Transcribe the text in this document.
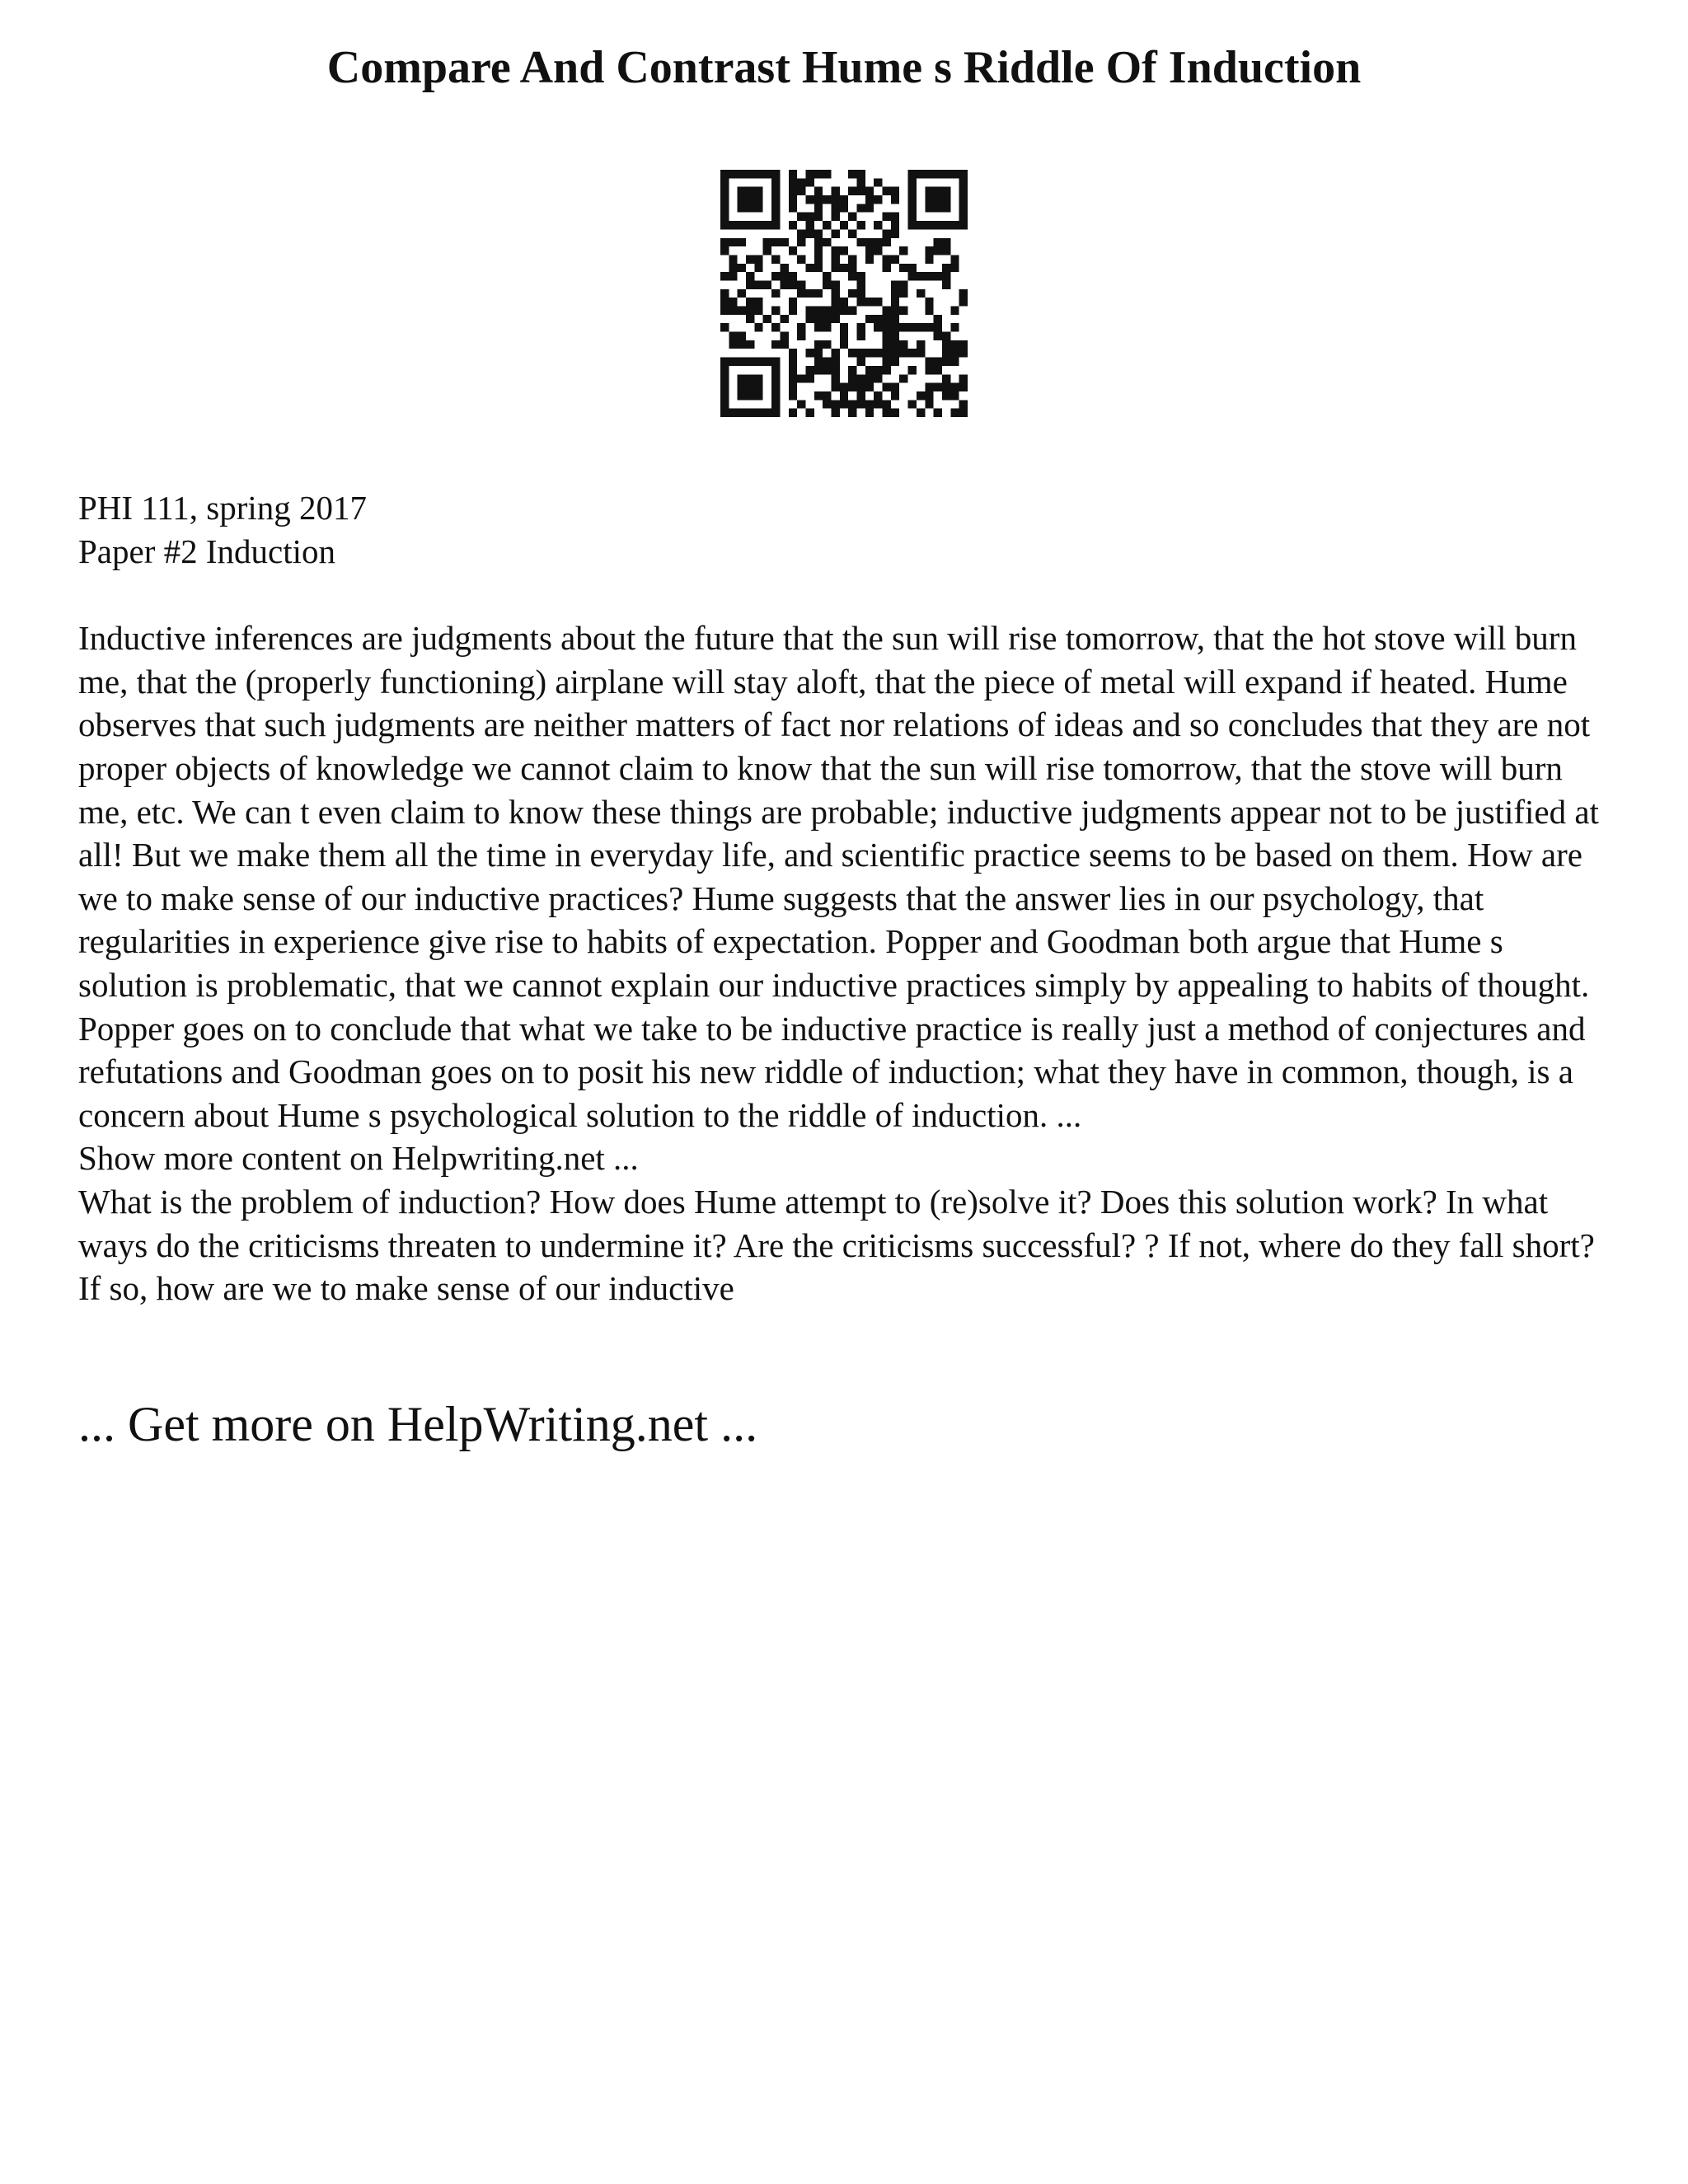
Compare And Contrast Hume s Riddle Of Induction

PHI 111, spring 2017
Paper #2 Induction

Inductive inferences are judgments about the future that the sun will rise tomorrow, that the hot stove will burn me, that the (properly functioning) airplane will stay aloft, that the piece of metal will expand if heated. Hume observes that such judgments are neither matters of fact nor relations of ideas and so concludes that they are not proper objects of knowledge we cannot claim to know that the sun will rise tomorrow, that the stove will burn me, etc. We can t even claim to know these things are probable; inductive judgments appear not to be justified at all! But we make them all the time in everyday life, and scientific practice seems to be based on them. How are we to make sense of our inductive practices? Hume suggests that the answer lies in our psychology, that regularities in experience give rise to habits of expectation. Popper and Goodman both argue that Hume s solution is problematic, that we cannot explain our inductive practices simply by appealing to habits of thought. Popper goes on to conclude that what we take to be inductive practice is really just a method of conjectures and refutations and Goodman goes on to posit his new riddle of induction; what they have in common, though, is a concern about Hume s psychological solution to the riddle of induction. ...

Show more content on Helpwriting.net ...

What is the problem of induction? How does Hume attempt to (re)solve it? Does this solution work? In what ways do the criticisms threaten to undermine it? Are the criticisms successful? ? If not, where do they fall short? If so, how are we to make sense of our inductive

... Get more on HelpWriting.net ...
